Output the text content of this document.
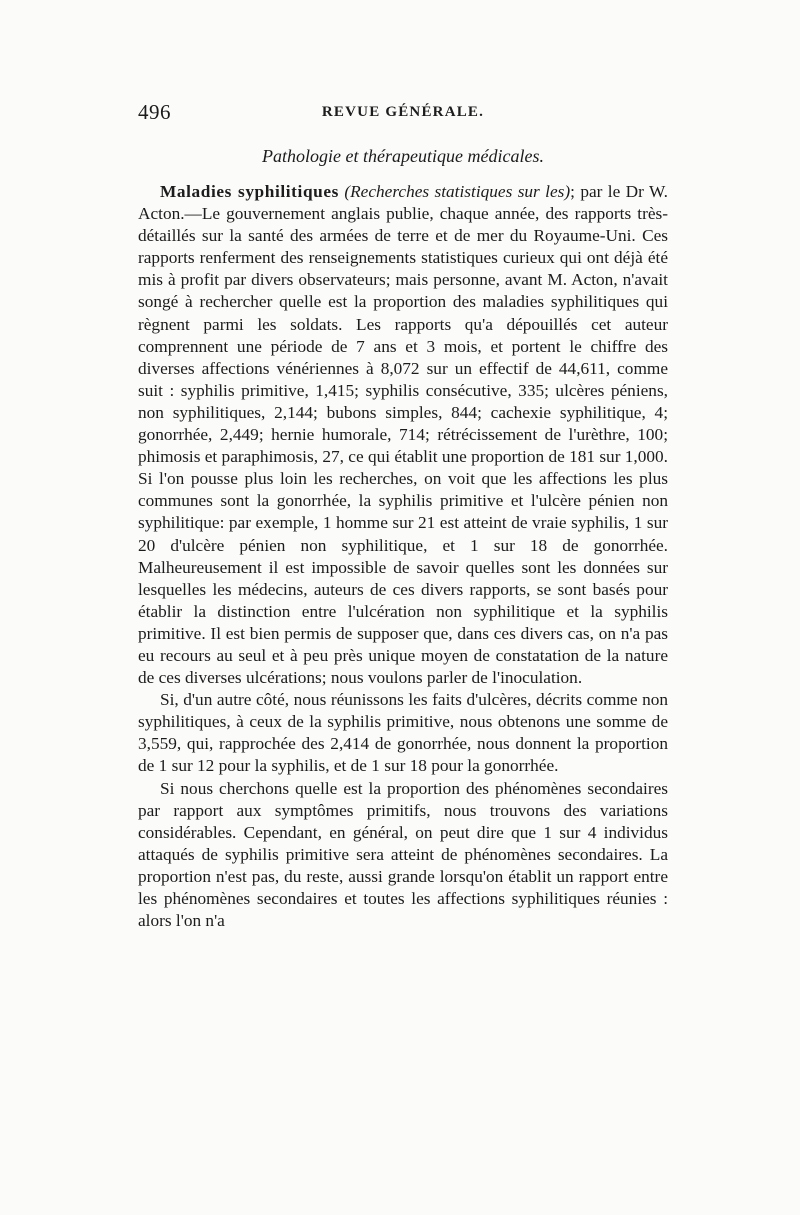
496	REVUE GÉNÉRALE.
Pathologie et thérapeutique médicales.

Maladies syphilitiques (Recherches statistiques sur les); par le Dr W. Acton.—Le gouvernement anglais publie, chaque année, des rapports très-détaillés sur la santé des armées de terre et de mer du Royaume-Uni. Ces rapports renferment des renseignements statistiques curieux qui ont déjà été mis à profit par divers observateurs; mais personne, avant M. Acton, n'avait songé à rechercher quelle est la proportion des maladies syphilitiques qui règnent parmi les soldats. Les rapports qu'a dépouillés cet auteur comprennent une période de 7 ans et 3 mois, et portent le chiffre des diverses affections vénériennes à 8,072 sur un effectif de 44,611, comme suit : syphilis primitive, 1,415; syphilis consécutive, 335; ulcères péniens, non syphilitiques, 2,144; bubons simples, 844; cachexie syphilitique, 4; gonorrhée, 2,449; hernie humorale, 714; rétrécissement de l'urèthre, 100; phimosis et paraphimosis, 27, ce qui établit une proportion de 181 sur 1,000. Si l'on pousse plus loin les recherches, on voit que les affections les plus communes sont la gonorrhée, la syphilis primitive et l'ulcère pénien non syphilitique: par exemple, 1 homme sur 21 est atteint de vraie syphilis, 1 sur 20 d'ulcère pénien non syphilitique, et 1 sur 18 de gonorrhée. Malheureusement il est impossible de savoir quelles sont les données sur lesquelles les médecins, auteurs de ces divers rapports, se sont basés pour établir la distinction entre l'ulcération non syphilitique et la syphilis primitive. Il est bien permis de supposer que, dans ces divers cas, on n'a pas eu recours au seul et à peu près unique moyen de constatation de la nature de ces diverses ulcérations; nous voulons parler de l'inoculation.

Si, d'un autre côté, nous réunissons les faits d'ulcères, décrits comme non syphilitiques, à ceux de la syphilis primitive, nous obtenons une somme de 3,559, qui, rapprochée des 2,414 de gonorrhée, nous donnent la proportion de 1 sur 12 pour la syphilis, et de 1 sur 18 pour la gonorrhée.

Si nous cherchons quelle est la proportion des phénomènes secondaires par rapport aux symptômes primitifs, nous trouvons des variations considérables. Cependant, en général, on peut dire que 1 sur 4 individus attaqués de syphilis primitive sera atteint de phénomènes secondaires. La proportion n'est pas, du reste, aussi grande lorsqu'on établit un rapport entre les phénomènes secondaires et toutes les affections syphilitiques réunies : alors l'on n'a
